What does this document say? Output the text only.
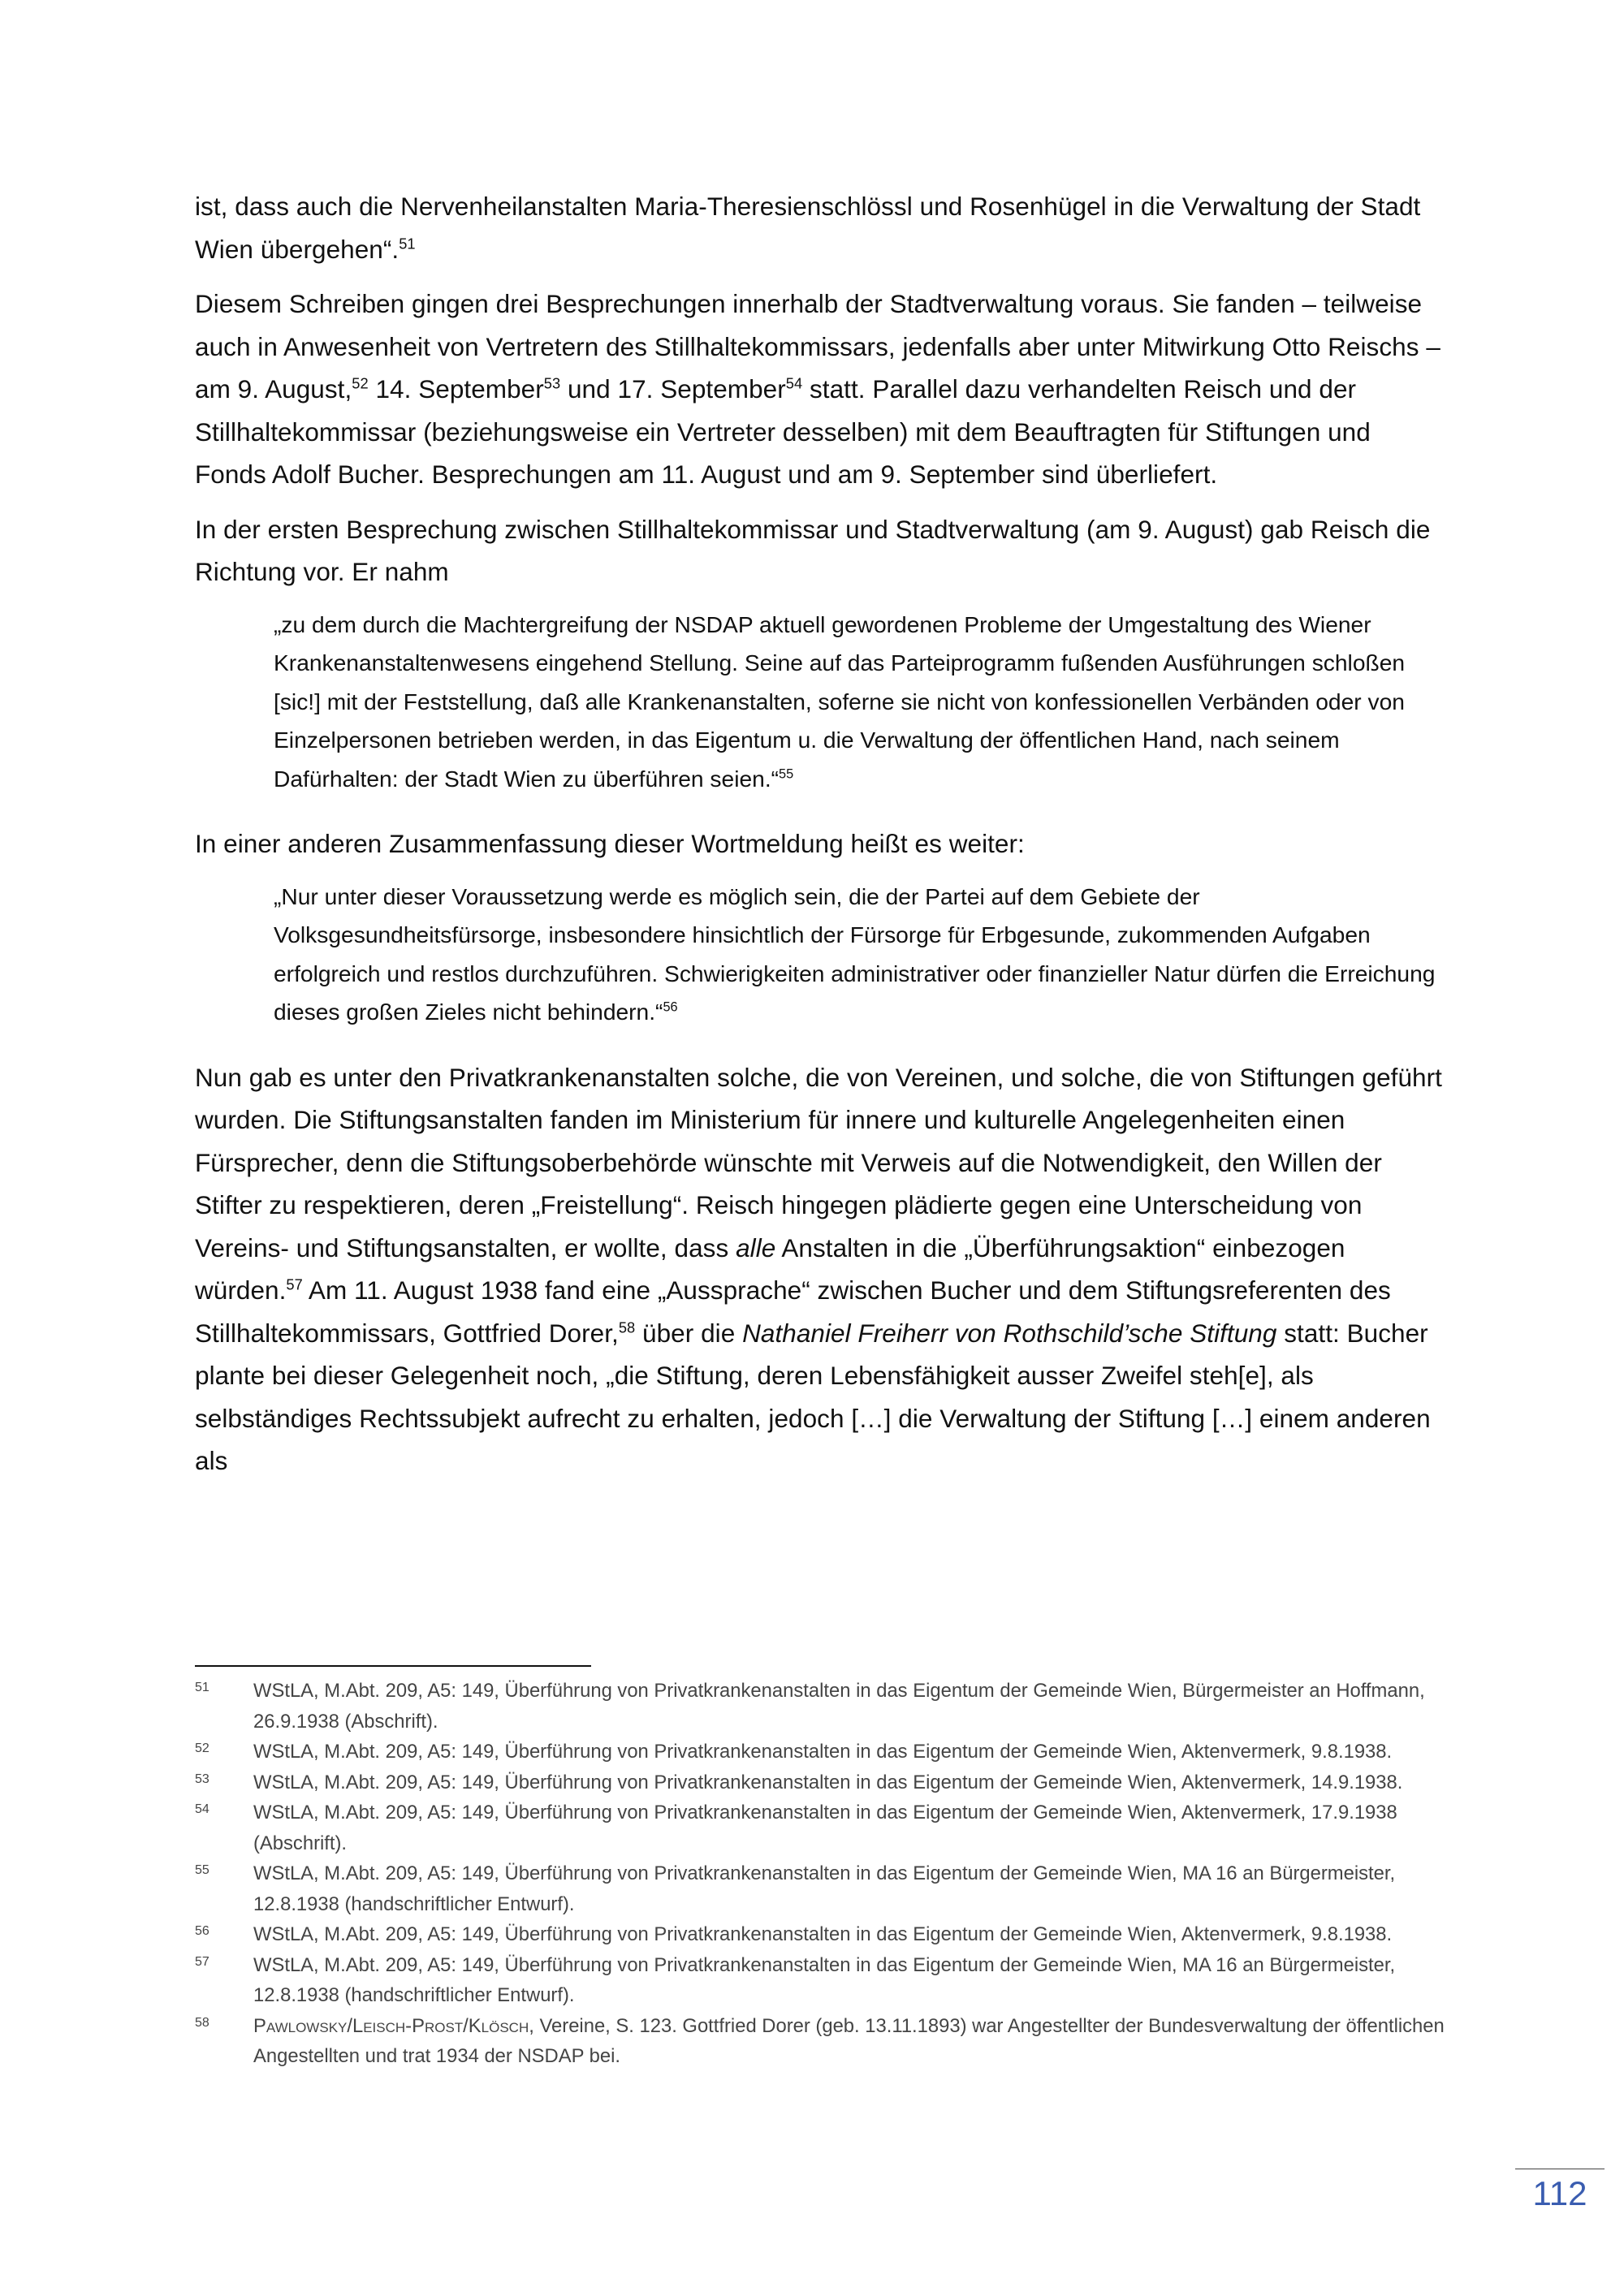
ist, dass auch die Nervenheilanstalten Maria-Theresienschlössl und Rosenhügel in die Verwaltung der Stadt Wien übergehen“.$^{51}$

Diesem Schreiben gingen drei Besprechungen innerhalb der Stadtverwaltung voraus. Sie fanden – teilweise auch in Anwesenheit von Vertretern des Stillhaltekommissars, jedenfalls aber unter Mitwirkung Otto Reischs – am 9. August,$^{52}$ 14. September$^{53}$ und 17. September$^{54}$ statt. Parallel dazu verhandelten Reisch und der Stillhaltekommissar (beziehungsweise ein Vertreter desselben) mit dem Beauftragten für Stiftungen und Fonds Adolf Bucher. Besprechungen am 11. August und am 9. September sind überliefert.

In der ersten Besprechung zwischen Stillhaltekommissar und Stadtverwaltung (am 9. August) gab Reisch die Richtung vor. Er nahm

„zu dem durch die Machtergreifung der NSDAP aktuell gewordenen Probleme der Umgestaltung des Wiener Krankenanstaltenwesens eingehend Stellung. Seine auf das Parteiprogramm fußenden Ausführungen schloßen [sic!] mit der Feststellung, daß alle Krankenanstalten, soferne sie nicht von konfessionellen Verbänden oder von Einzelpersonen betrieben werden, in das Eigentum u. die Verwaltung der öffentlichen Hand, nach seinem Dafürhalten: der Stadt Wien zu überführen seien.“$^{55}$

In einer anderen Zusammenfassung dieser Wortmeldung heißt es weiter:

„Nur unter dieser Voraussetzung werde es möglich sein, die der Partei auf dem Gebiete der Volksgesundheitsfürsorge, insbesondere hinsichtlich der Fürsorge für Erbgesunde, zukommenden Aufgaben erfolgreich und restlos durchzuführen. Schwierigkeiten administrativer oder finanzieller Natur dürfen die Erreichung dieses großen Zieles nicht behindern.“$^{56}$

Nun gab es unter den Privatkrankenanstalten solche, die von Vereinen, und solche, die von Stiftungen geführt wurden. Die Stiftungsanstalten fanden im Ministerium für innere und kulturelle Angelegenheiten einen Fürsprecher, denn die Stiftungsoberbehörde wünschte mit Verweis auf die Notwendigkeit, den Willen der Stifter zu respektieren, deren „Freistellung“. Reisch hingegen plädierte gegen eine Unterscheidung von Vereins- und Stiftungsanstalten, er wollte, dass alle Anstalten in die „Überführungsaktion“ einbezogen würden.$^{57}$ Am 11. August 1938 fand eine „Aussprache“ zwischen Bucher und dem Stiftungsreferenten des Stillhaltekommissars, Gottfried Dorer,$^{58}$ über die Nathaniel Freiherr von Rothschild’sche Stiftung statt: Bucher plante bei dieser Gelegenheit noch, „die Stiftung, deren Lebensfähigkeit ausser Zweifel steh[e], als selbständiges Rechtssubjekt aufrecht zu erhalten, jedoch […] die Verwaltung der Stiftung […] einem anderen als

51	WStLA, M.Abt. 209, A5: 149, Überführung von Privatkrankenanstalten in das Eigentum der Gemeinde Wien, Bürgermeister an Hoffmann, 26.9.1938 (Abschrift).
52	WStLA, M.Abt. 209, A5: 149, Überführung von Privatkrankenanstalten in das Eigentum der Gemeinde Wien, Aktenvermerk, 9.8.1938.
53	WStLA, M.Abt. 209, A5: 149, Überführung von Privatkrankenanstalten in das Eigentum der Gemeinde Wien, Aktenvermerk, 14.9.1938.
54	WStLA, M.Abt. 209, A5: 149, Überführung von Privatkrankenanstalten in das Eigentum der Gemeinde Wien, Aktenvermerk, 17.9.1938 (Abschrift).
55	WStLA, M.Abt. 209, A5: 149, Überführung von Privatkrankenanstalten in das Eigentum der Gemeinde Wien, MA 16 an Bürgermeister, 12.8.1938 (handschriftlicher Entwurf).
56	WStLA, M.Abt. 209, A5: 149, Überführung von Privatkrankenanstalten in das Eigentum der Gemeinde Wien, Aktenvermerk, 9.8.1938.
57	WStLA, M.Abt. 209, A5: 149, Überführung von Privatkrankenanstalten in das Eigentum der Gemeinde Wien, MA 16 an Bürgermeister, 12.8.1938 (handschriftlicher Entwurf).
58	Pawlowsky/Leisch-Prost/Klösch, Vereine, S. 123. Gottfried Dorer (geb. 13.11.1893) war Angestellter der Bundesverwaltung der öffentlichen Angestellten und trat 1934 der NSDAP bei.
112
